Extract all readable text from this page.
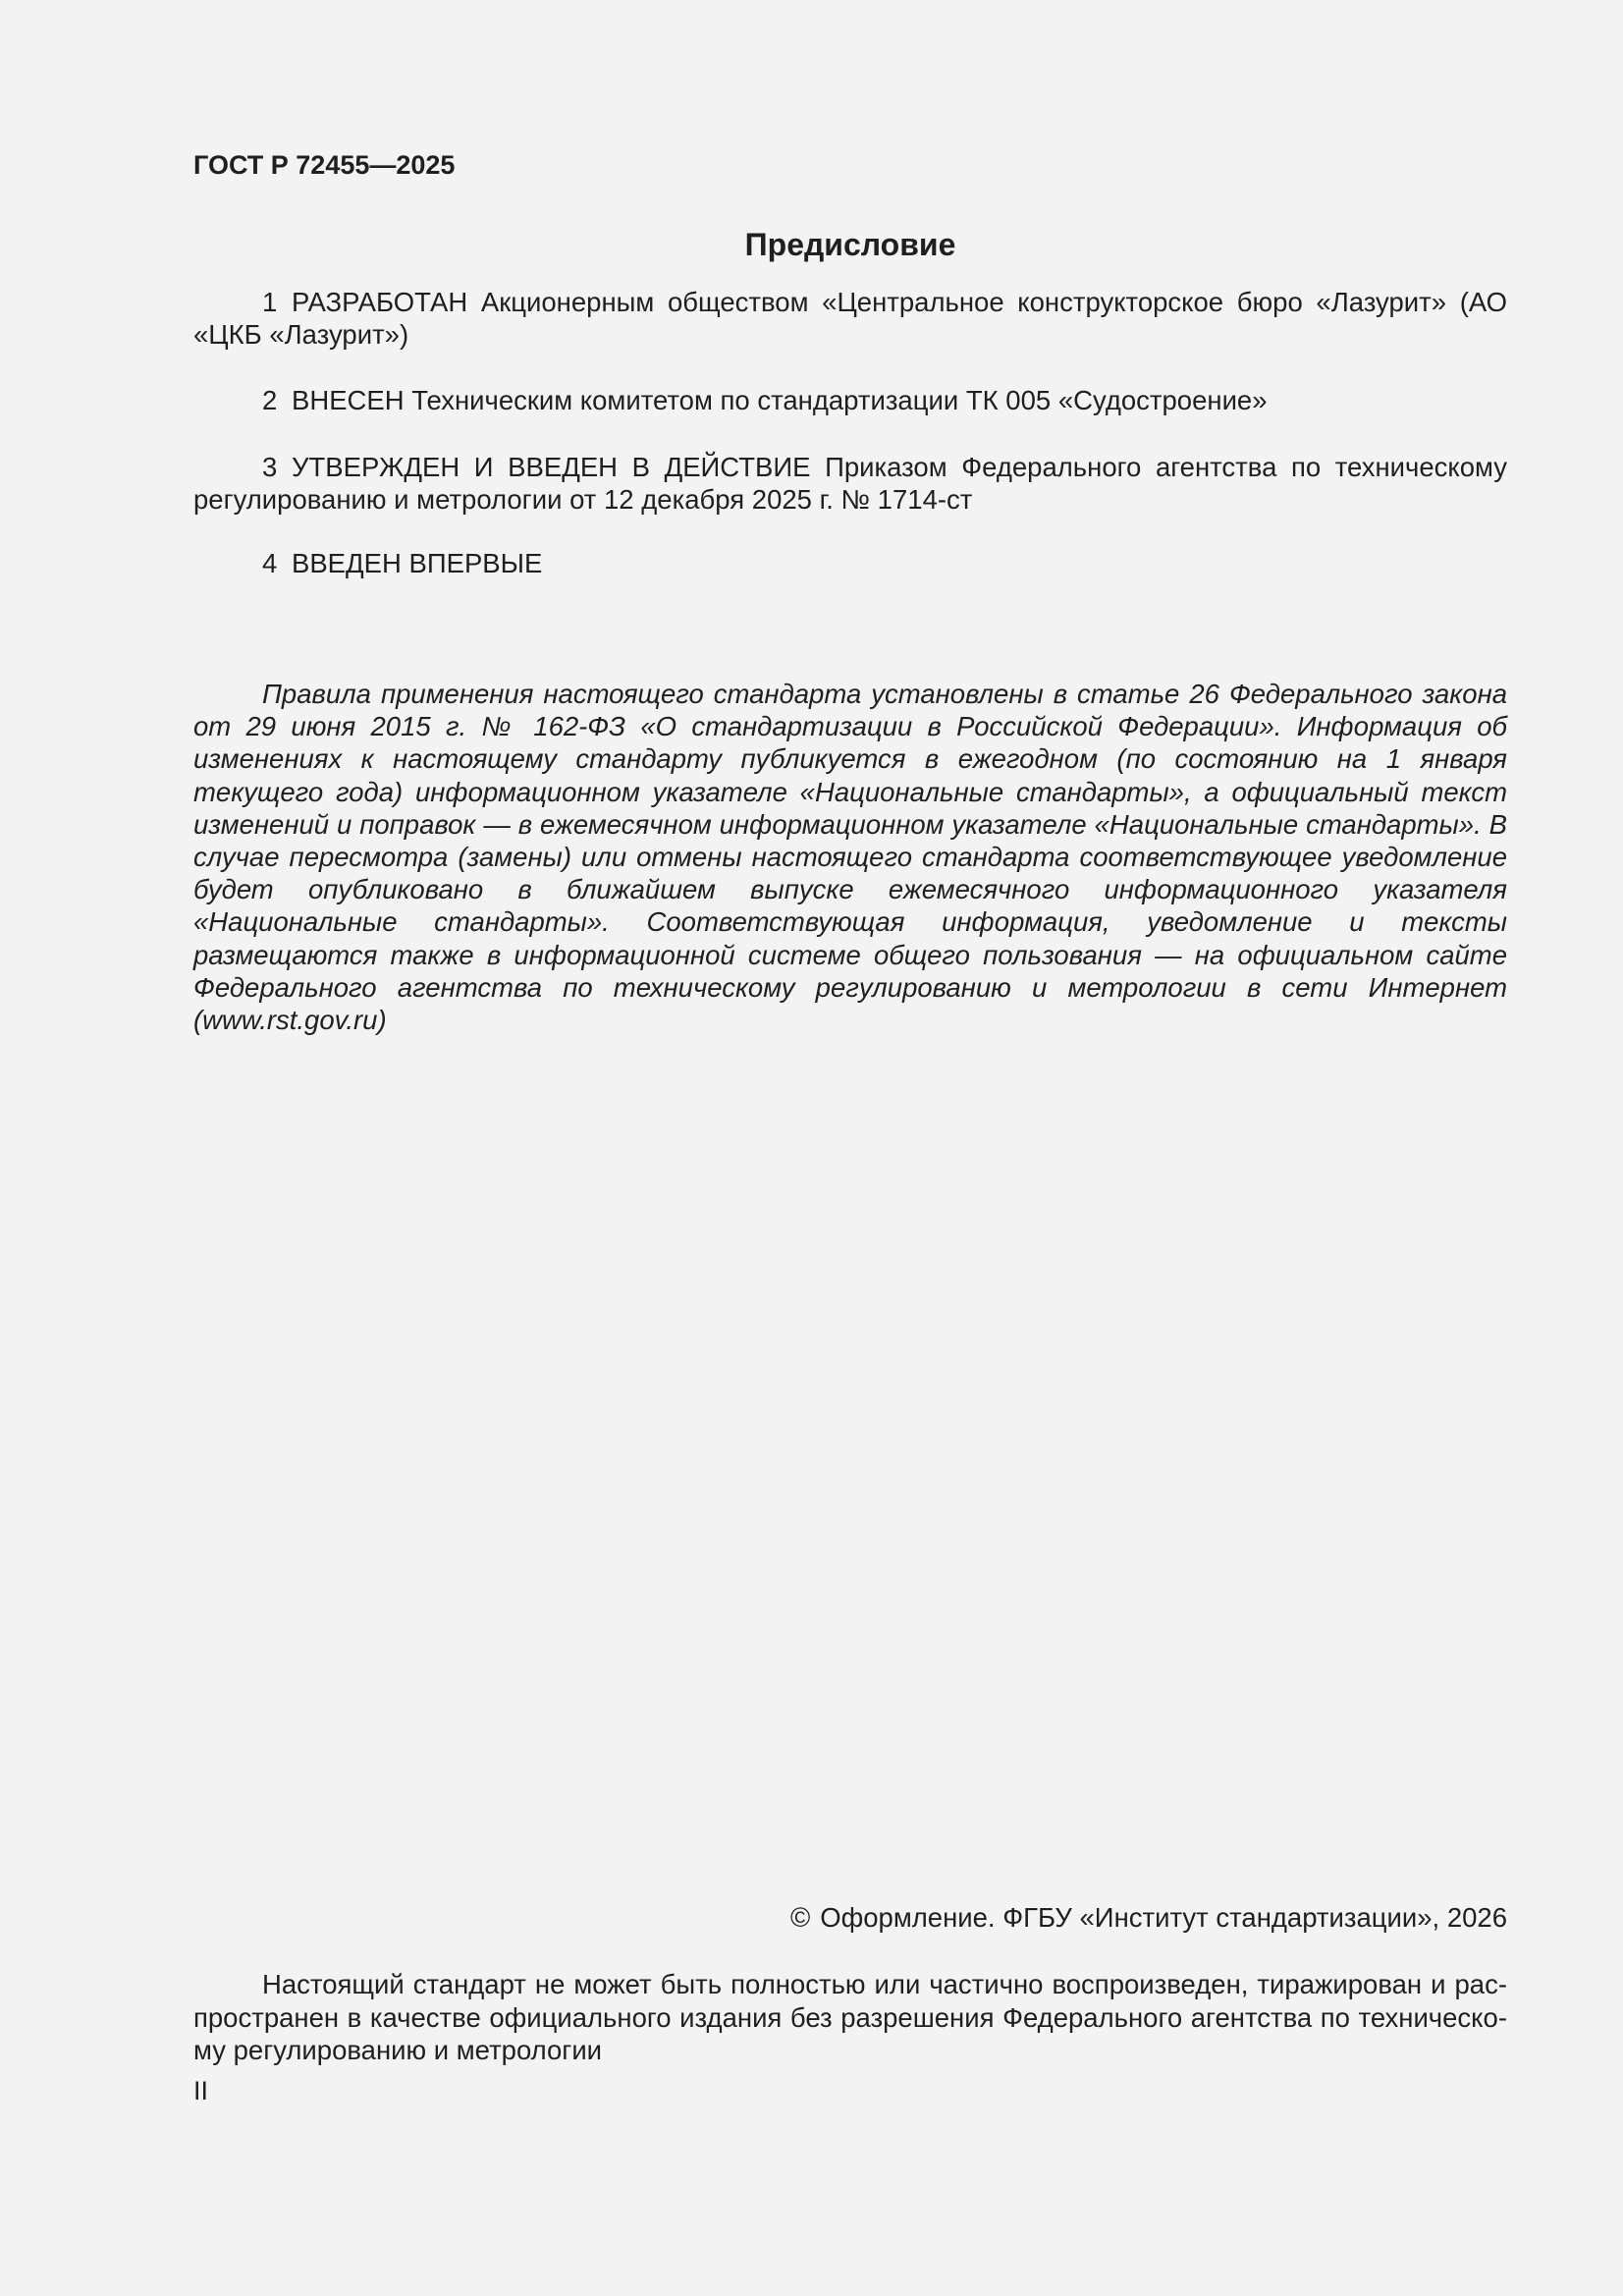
ГОСТ Р 72455—2025

Предисловие

1 РАЗРАБОТАН Акционерным обществом «Центральное конструкторское бюро «Лазурит» (АО «ЦКБ «Лазурит»)

2 ВНЕСЕН Техническим комитетом по стандартизации ТК 005 «Судостроение»

3 УТВЕРЖДЕН И ВВЕДЕН В ДЕЙСТВИЕ Приказом Федерального агентства по техническому регулированию и метрологии от 12 декабря 2025 г. № 1714-ст

4 ВВЕДЕН ВПЕРВЫЕ

Правила применения настоящего стандарта установлены в статье 26 Федерального закона от 29 июня 2015 г. № 162-ФЗ «О стандартизации в Российской Федерации». Информация об изменениях к настоящему стандарту публикуется в ежегодном (по состоянию на 1 января текущего года) информационном указателе «Национальные стандарты», а официальный текст изменений и поправок — в ежемесячном информационном указателе «Национальные стандарты». В случае пересмотра (замены) или отмены настоящего стандарта соответствующее уведомление будет опубликовано в ближайшем выпуске ежемесячного информационного указателя «Национальные стандарты». Соответствующая информация, уведомление и тексты размещаются также в информационной системе общего пользования — на официальном сайте Федерального агентства по техническому регулированию и метрологии в сети Интернет (www.rst.gov.ru)

© Оформление. ФГБУ «Институт стандартизации», 2026

Настоящий стандарт не может быть полностью или частично воспроизведен, тиражирован и распространен в качестве официального издания без разрешения Федерального агентства по техническому регулированию и метрологии

II
